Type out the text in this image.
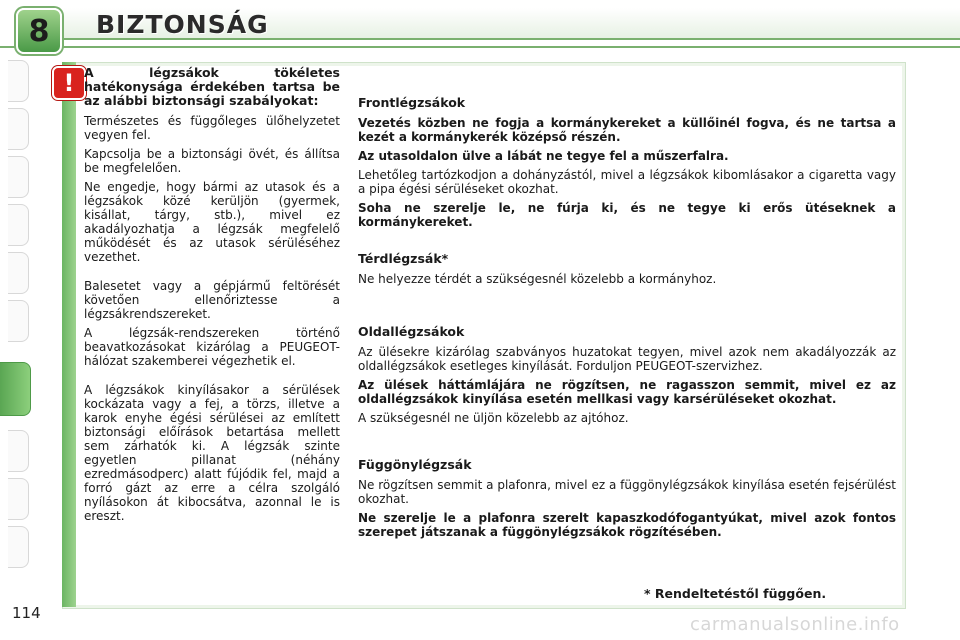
8	BIZTONSÁG
! A légzsákok tökéletes hatékonysága érdekében tartsa be az alábbi biztonsági szabályokat:

Természetes és függőleges ülőhelyzetet vegyen fel.

Kapcsolja be a biztonsági övét, és állítsa be megfelelően.

Ne engedje, hogy bármi az utasok és a légzsákok közé kerüljön (gyermek, kisállat, tárgy, stb.), mivel ez akadályozhatja a légzsák megfelelő működését és az utasok sérüléséhez vezethet.

Balesetet vagy a gépjármű feltörését követően ellenőriztesse a légzsákrendszereket.

A légzsák-rendszereken történő beavatkozásokat kizárólag a PEUGEOT-hálózat szakemberei végezhetik el.

A légzsákok kinyílásakor a sérülések kockázata vagy a fej, a törzs, illetve a karok enyhe égési sérülései az említett biztonsági előírások betartása mellett sem zárhatók ki. A légzsák szinte egyetlen pillanat (néhány ezredmásodperc) alatt fújódik fel, majd a forró gázt az erre a célra szolgáló nyílásokon át kibocsátva, azonnal le is ereszt.

Frontlégzsákok

Vezetés közben ne fogja a kormánykereket a küllőinél fogva, és ne tartsa a kezét a kormánykerék középső részén.

Az utasoldalon ülve a lábát ne tegye fel a műszerfalra.

Lehetőleg tartózkodjon a dohányzástól, mivel a légzsákok kibomlásakor a cigaretta vagy a pipa égési sérüléseket okozhat.

Soha ne szerelje le, ne fúrja ki, és ne tegye ki erős ütéseknek a kormánykereket.

Térdlégzsák*

Ne helyezze térdét a szükségesnél közelebb a kormányhoz.

Oldallégzsákok

Az ülésekre kizárólag szabványos huzatokat tegyen, mivel azok nem akadályozzák az oldallégzsákok esetleges kinyílását. Forduljon PEUGEOT-szervizhez.

Az ülések háttámlájára ne rögzítsen, ne ragasszon semmit, mivel ez az oldallégzsákok kinyílása esetén mellkasi vagy karsérüléseket okozhat.

A szükségesnél ne üljön közelebb az ajtóhoz.

Függönylégzsák

Ne rögzítsen semmit a plafonra, mivel ez a függönylégzsákok kinyílása esetén fejsérülést okozhat.

Ne szerelje le a plafonra szerelt kapaszkodófogantyúkat, mivel azok fontos szerepet játszanak a függönylégzsákok rögzítésében.

* Rendeltetéstől függően.
114
carmanualsonline.info
